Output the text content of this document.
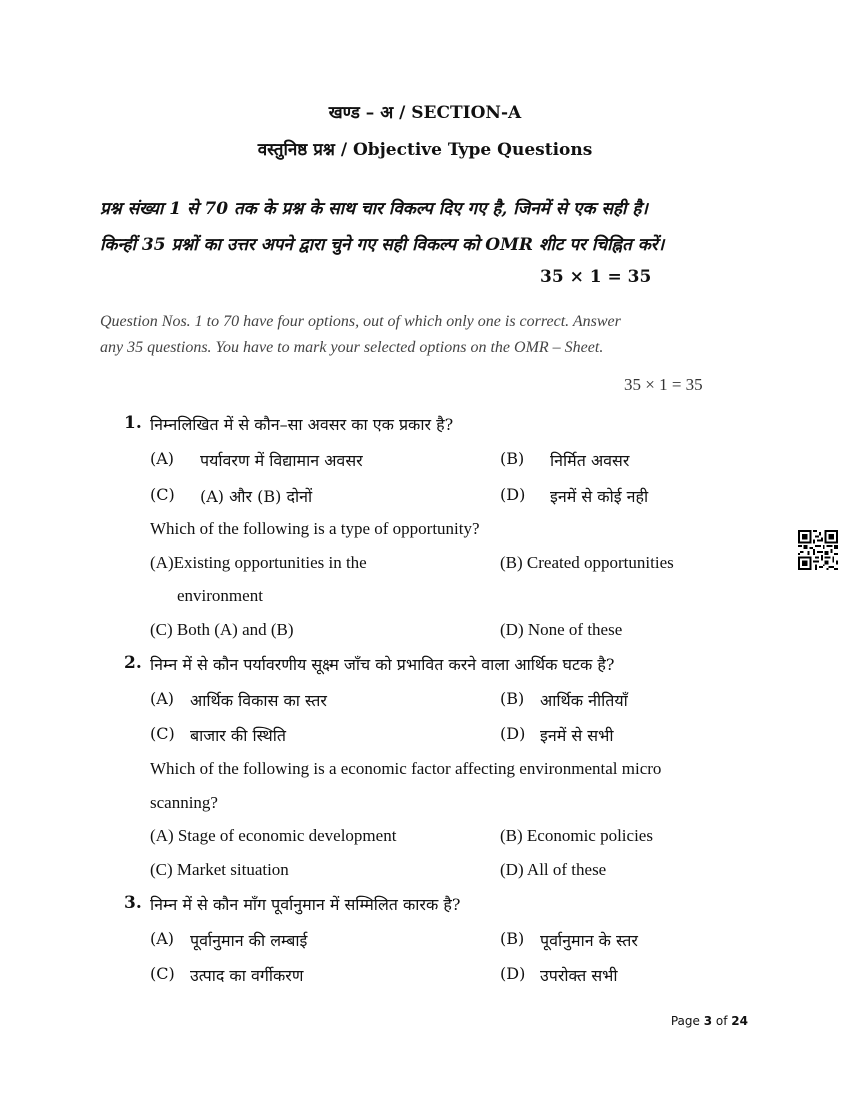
खण्ड – अ / SECTION-A
वस्तुनिष्ठ प्रश्न / Objective Type Questions
प्रश्न संख्या 1 से 70 तक के प्रश्न के साथ चार विकल्प दिए गए है, जिनमें से एक सही है।
किन्हीं 35 प्रश्नों का उत्तर अपने द्वारा चुने गए सही विकल्प को OMR शीट पर चिह्नित करें।
35 × 1 = 35
Question Nos. 1 to 70 have four options, out of which only one is correct. Answer
any 35 questions. You have to mark your selected options on the OMR – Sheet.
35 × 1 = 35
1. निम्नलिखित में से कौन–सा अवसर का एक प्रकार है?
(A) पर्यावरण में विद्यामान अवसर	(B) निर्मित अवसर
(C) (A) और (B) दोनों	(D) इनमें से कोई नही
Which of the following is a type of opportunity?
(A)Existing opportunities in the
environment
(B) Created opportunities
(C) Both (A) and (B)	(D) None of these
2. निम्न में से कौन पर्यावरणीय सूक्ष्म जाँच को प्रभावित करने वाला आर्थिक घटक है?
(A) आर्थिक विकास का स्तर	(B) आर्थिक नीतियाँ
(C) बाजार की स्थिति	(D) इनमें से सभी
Which of the following is a economic factor affecting environmental micro
scanning?
(A) Stage of economic development	(B) Economic policies
(C) Market situation	(D) All of these
3. निम्न में से कौन माँग पूर्वानुमान में सम्मिलित कारक है?
(A) पूर्वानुमान की लम्बाई	(B) पूर्वानुमान के स्तर
(C) उत्पाद का वर्गीकरण	(D) उपरोक्त सभी
Page 3 of 24
